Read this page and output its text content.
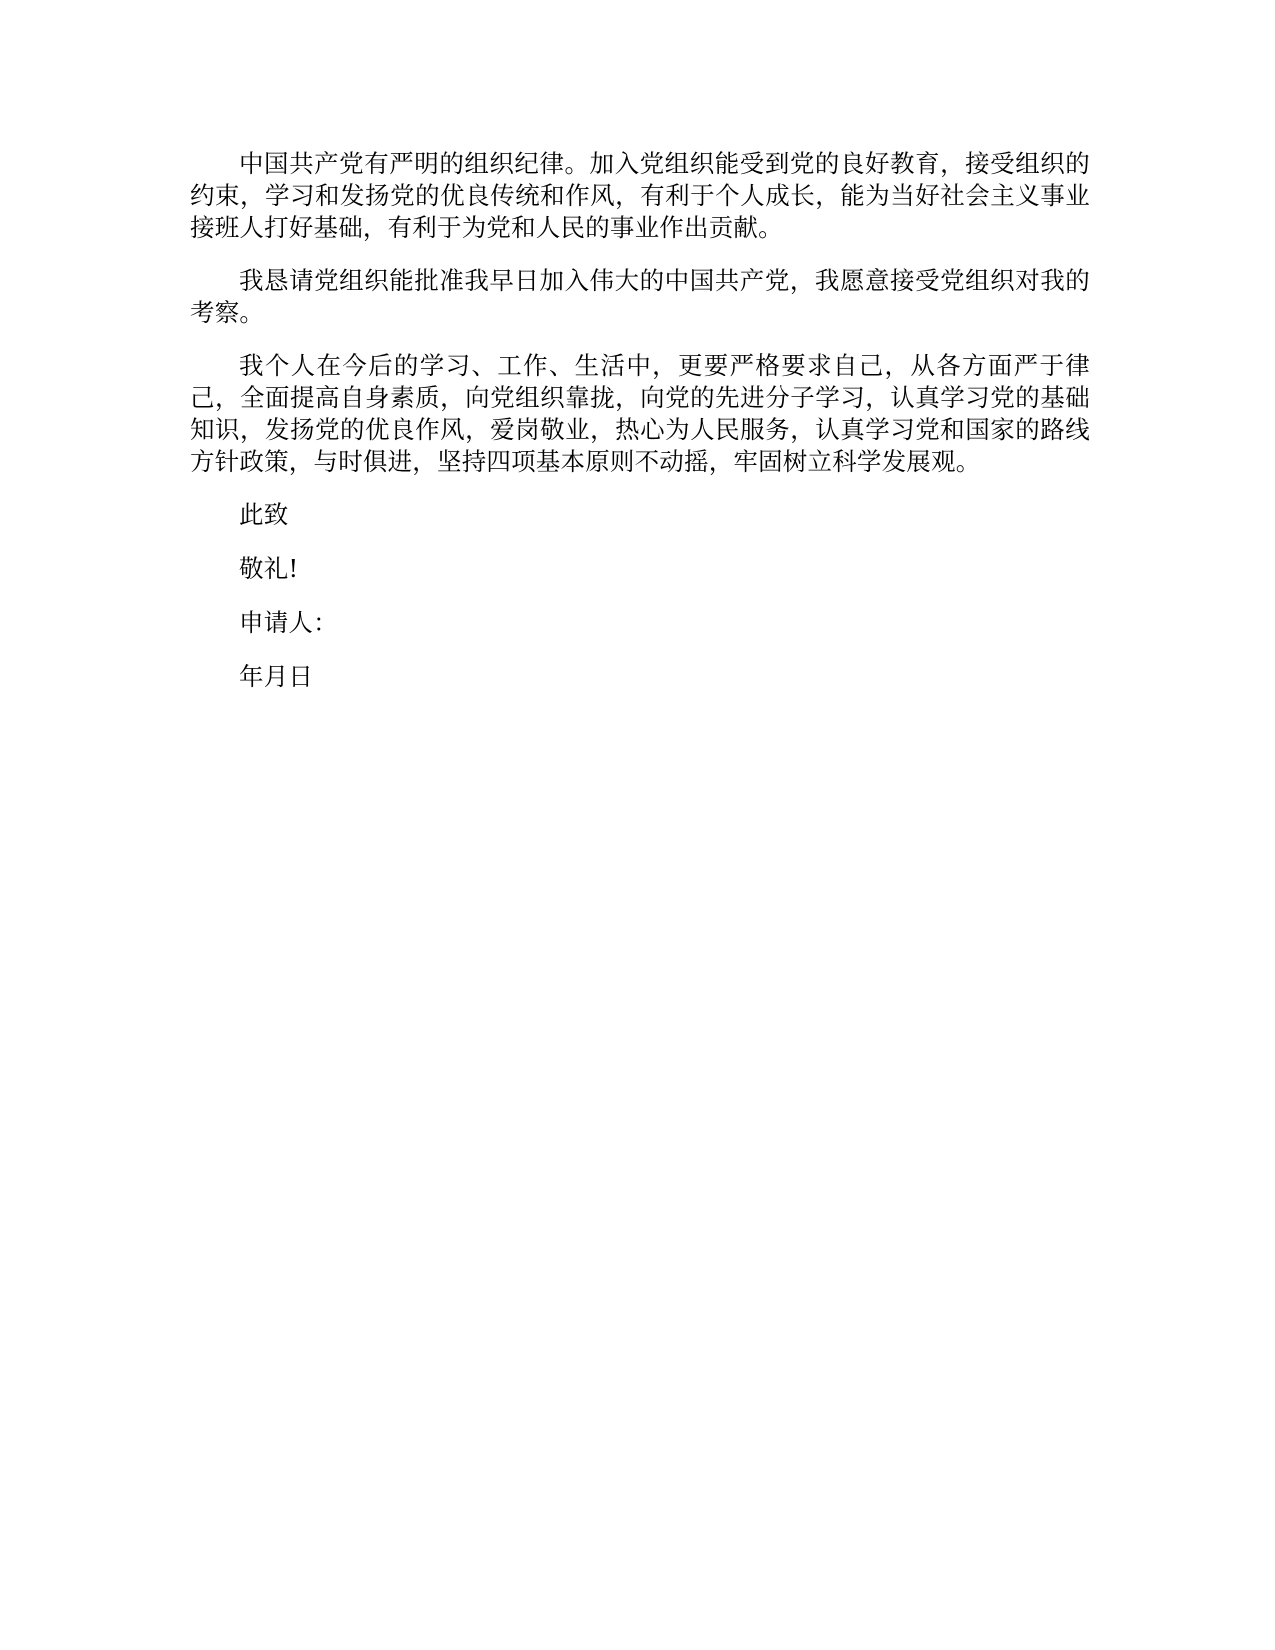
中国共产党有严明的组织纪律。加入党组织能受到党的良好教育，接受组织的约束，学习和发扬党的优良传统和作风，有利于个人成长，能为当好社会主义事业接班人打好基础，有利于为党和人民的事业作出贡献。

我恳请党组织能批准我早日加入伟大的中国共产党，我愿意接受党组织对我的考察。

我个人在今后的学习、工作、生活中，更要严格要求自己，从各方面严于律己，全面提高自身素质，向党组织靠拢，向党的先进分子学习，认真学习党的基础知识，发扬党的优良作风，爱岗敬业，热心为人民服务，认真学习党和国家的路线方针政策，与时俱进，坚持四项基本原则不动摇，牢固树立科学发展观。

此致

敬礼!

申请人：

年月日
